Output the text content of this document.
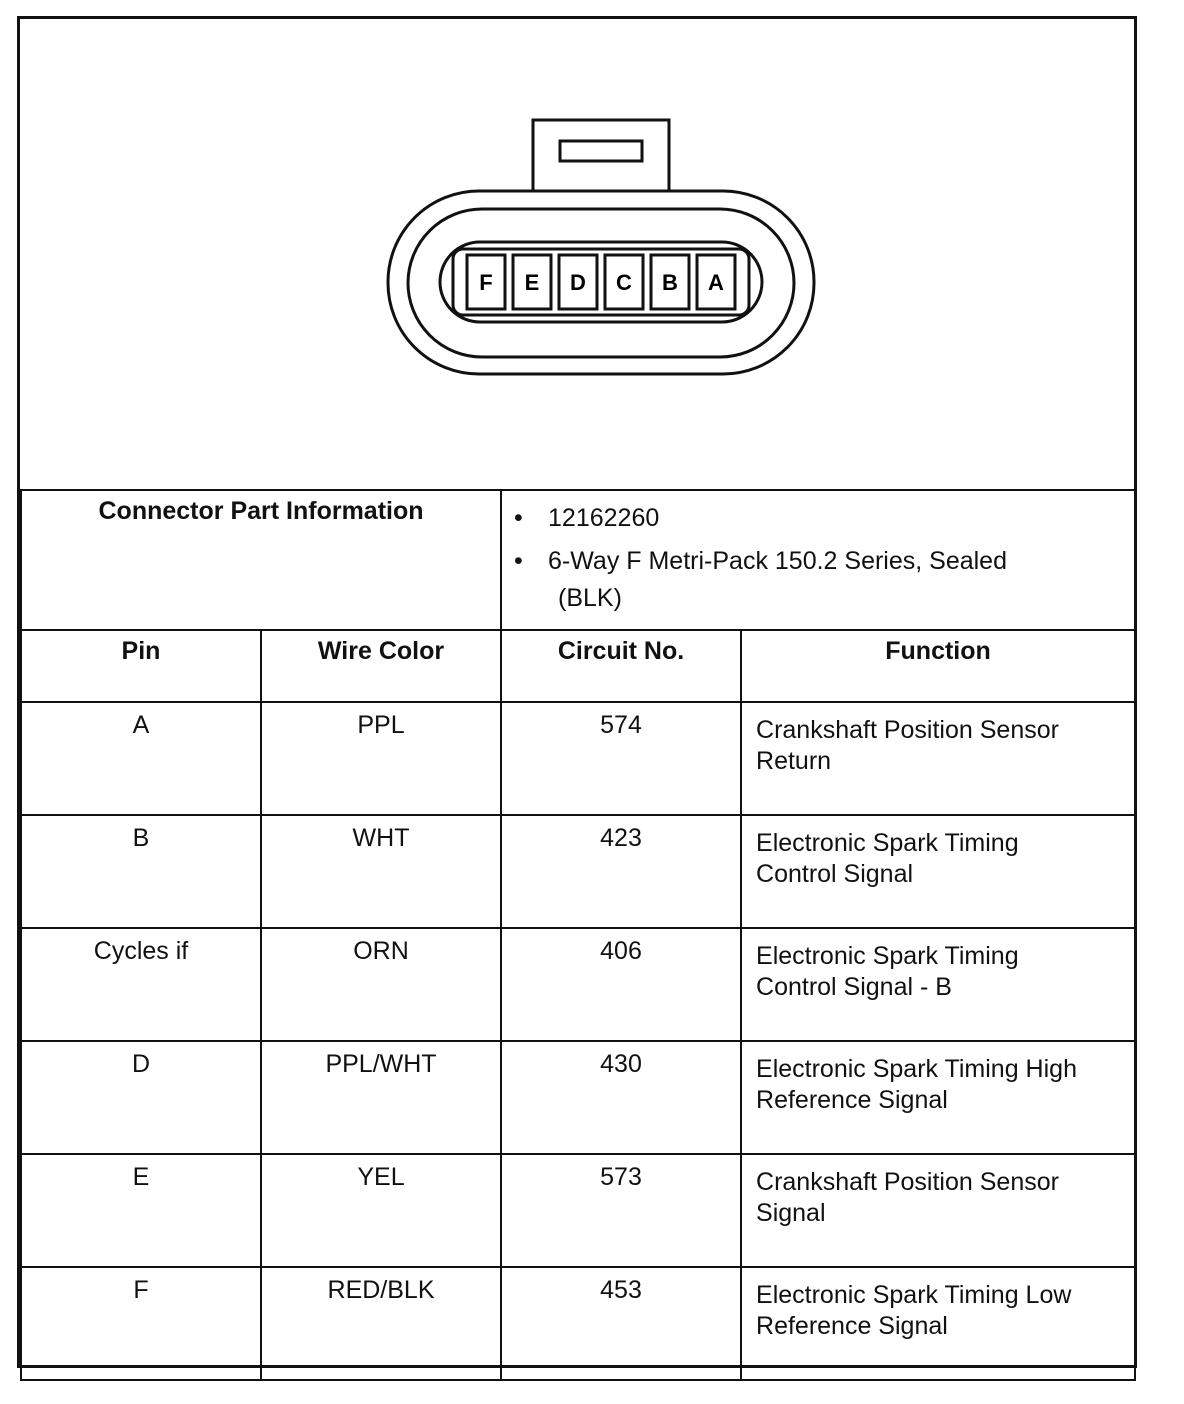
F E D C B A
Connector Part Information		• 12162260
• 6-Way F Metri-Pack 150.2 Series, Sealed
(BLK)	

Pin	Wire Color	Circuit No.	Function
A	PPL	574	Crankshaft Position Sensor
Return

B	WHT	423	Electronic Spark Timing
Control Signal

Cycles if	ORN	406	Electronic Spark Timing
Control Signal - B

D	PPL/WHT	430	Electronic Spark Timing High
Reference Signal

E	YEL	573	Crankshaft Position Sensor
Signal

F	RED/BLK	453	Electronic Spark Timing Low
Reference Signal
